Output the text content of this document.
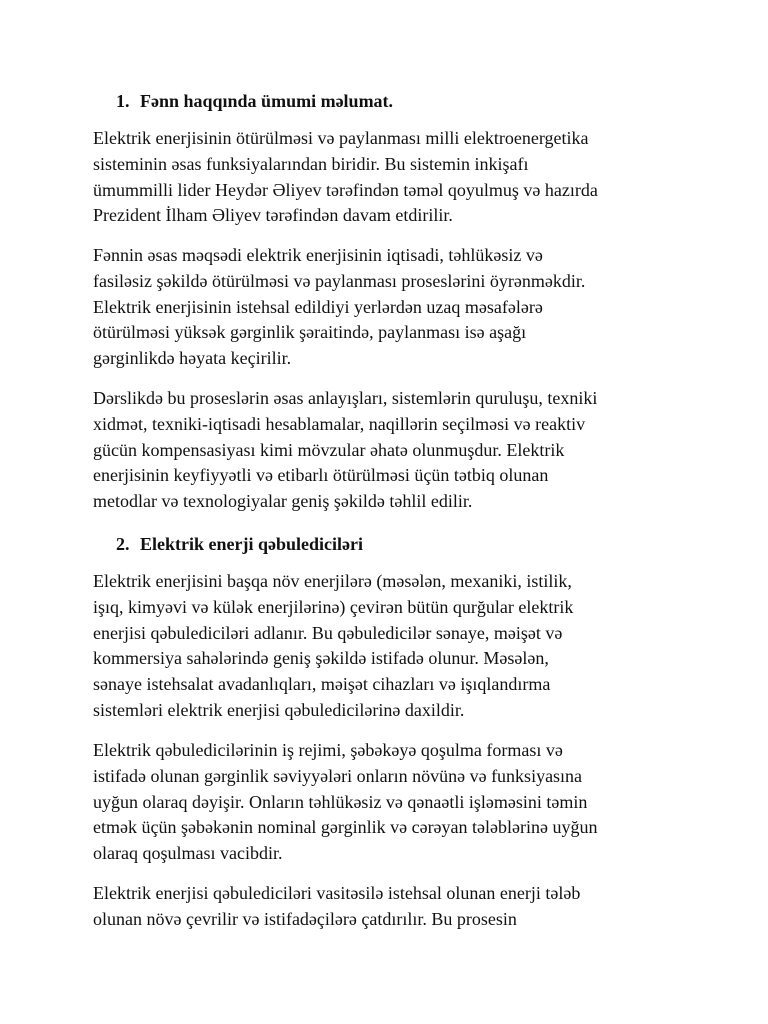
1. Fənn haqqında ümumi məlumat.
Elektrik enerjisinin ötürülməsi və paylanması milli elektroenergetika
sisteminin əsas funksiyalarından biridir. Bu sistemin inkişafı
ümummilli lider Heydər Əliyev tərəfindən təməl qoyulmuş və hazırda
Prezident İlham Əliyev tərəfindən davam etdirilir.
Fənnin əsas məqsədi elektrik enerjisinin iqtisadi, təhlükəsiz və
fasiləsiz şəkildə ötürülməsi və paylanması proseslərini öyrənməkdir.
Elektrik enerjisinin istehsal edildiyi yerlərdən uzaq məsafələrə
ötürülməsi yüksək gərginlik şəraitində, paylanması isə aşağı
gərginlikdə həyata keçirilir.
Dərslikdə bu proseslərin əsas anlayışları, sistemlərin quruluşu, texniki
xidmət, texniki-iqtisadi hesablamalar, naqillərin seçilməsi və reaktiv
gücün kompensasiyası kimi mövzular əhatə olunmuşdur. Elektrik
enerjisinin keyfiyyətli və etibarlı ötürülməsi üçün tətbiq olunan
metodlar və texnologiyalar geniş şəkildə təhlil edilir.
2. Elektrik enerji qəbulediciləri
Elektrik enerjisini başqa növ enerjilərə (məsələn, mexaniki, istilik,
işıq, kimyəvi və külək enerjilərinə) çevirən bütün qurğular elektrik
enerjisi qəbulediciləri adlanır. Bu qəbuledicilər sənaye, məişət və
kommersiya sahələrində geniş şəkildə istifadə olunur. Məsələn,
sənaye istehsalat avadanlıqları, məişət cihazları və işıqlandırma
sistemləri elektrik enerjisi qəbuledicilərinə daxildir.
Elektrik qəbuledicilərinin iş rejimi, şəbəkəyə qoşulma forması və
istifadə olunan gərginlik səviyyələri onların növünə və funksiyasına
uyğun olaraq dəyişir. Onların təhlükəsiz və qənaətli işləməsini təmin
etmək üçün şəbəkənin nominal gərginlik və cərəyan tələblərinə uyğun
olaraq qoşulması vacibdir.
Elektrik enerjisi qəbulediciləri vasitəsilə istehsal olunan enerji tələb
olunan növə çevrilir və istifadəçilərə çatdırılır. Bu prosesin
